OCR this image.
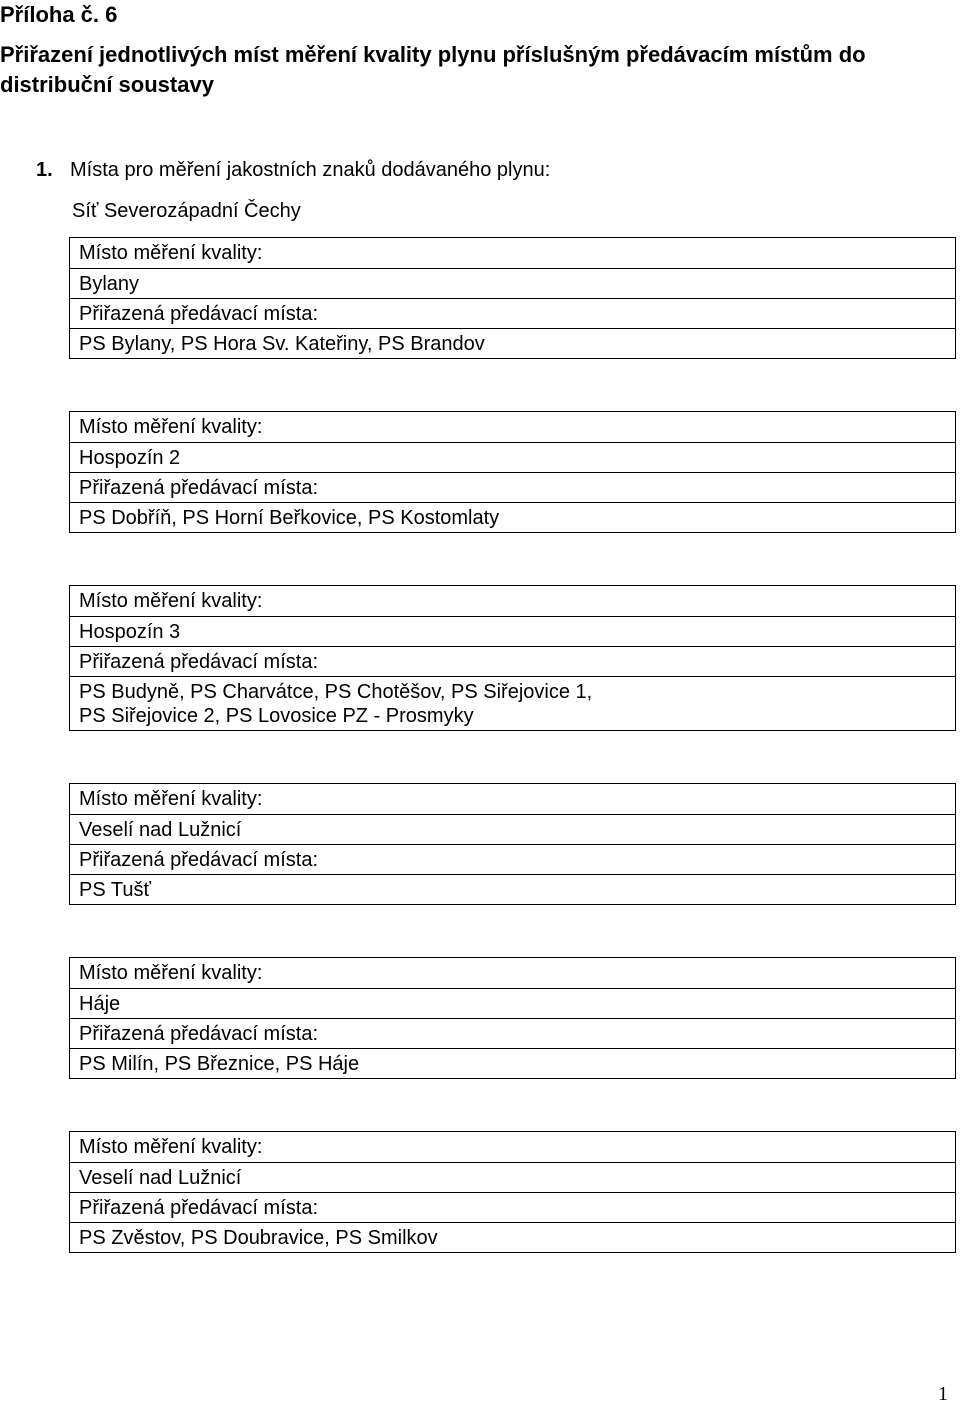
Příloha č. 6
Přiřazení jednotlivých míst měření kvality plynu příslušným předávacím místům do distribuční soustavy
1. Místa pro měření jakostních znaků dodávaného plynu:
Síť Severozápadní Čechy
Místo měření kvality:
Bylany
Přiřazená předávací místa:
PS Bylany, PS Hora Sv. Kateřiny, PS Brandov
Místo měření kvality:
Hospozín 2
Přiřazená předávací místa:
PS Dobříň, PS Horní Beřkovice, PS Kostomlaty
Místo měření kvality:
Hospozín 3
Přiřazená předávací místa:
PS Budyně, PS Charvátce, PS Chotěšov, PS Siřejovice 1,
PS Siřejovice 2, PS Lovosice PZ - Prosmyky
Místo měření kvality:
Veselí nad Lužnicí
Přiřazená předávací místa:
PS Tušť
Místo měření kvality:
Háje
Přiřazená předávací místa:
PS Milín, PS Březnice, PS Háje
Místo měření kvality:
Veselí nad Lužnicí
Přiřazená předávací místa:
PS Zvěstov, PS Doubravice, PS Smilkov
1
